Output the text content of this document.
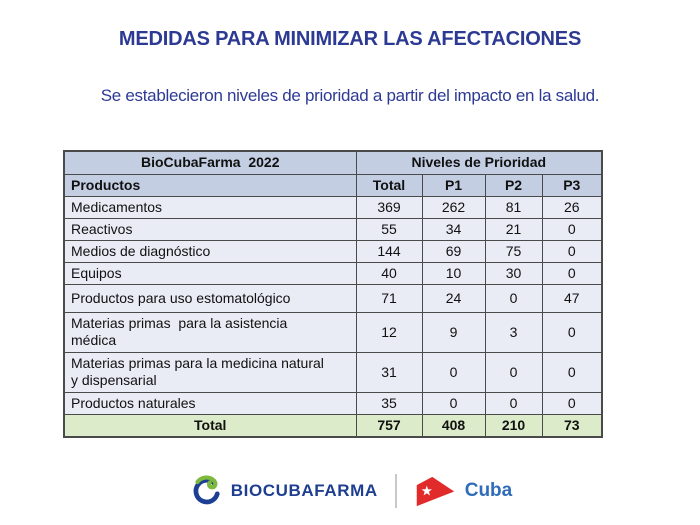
MEDIDAS PARA MINIMIZAR LAS AFECTACIONES
Se establecieron niveles de prioridad a partir del impacto en la salud.
BioCubaFarma  2022	Niveles de Prioridad			
Productos	Total	P1	P2	P3
Medicamentos	369	262	81	26
Reactivos	55	34	21	0
Medios de diagnóstico	144	69	75	0
Equipos	40	10	30	0
Productos para uso estomatológico	71	24	0	47
Materias primas  para la asistencia médica	12	9	3	0
Materias primas para la medicina natural y dispensarial	31	0	0	0
Productos naturales	35	0	0	0
Total	757	408	210	73
BIOCUBAFARMA	Cuba
